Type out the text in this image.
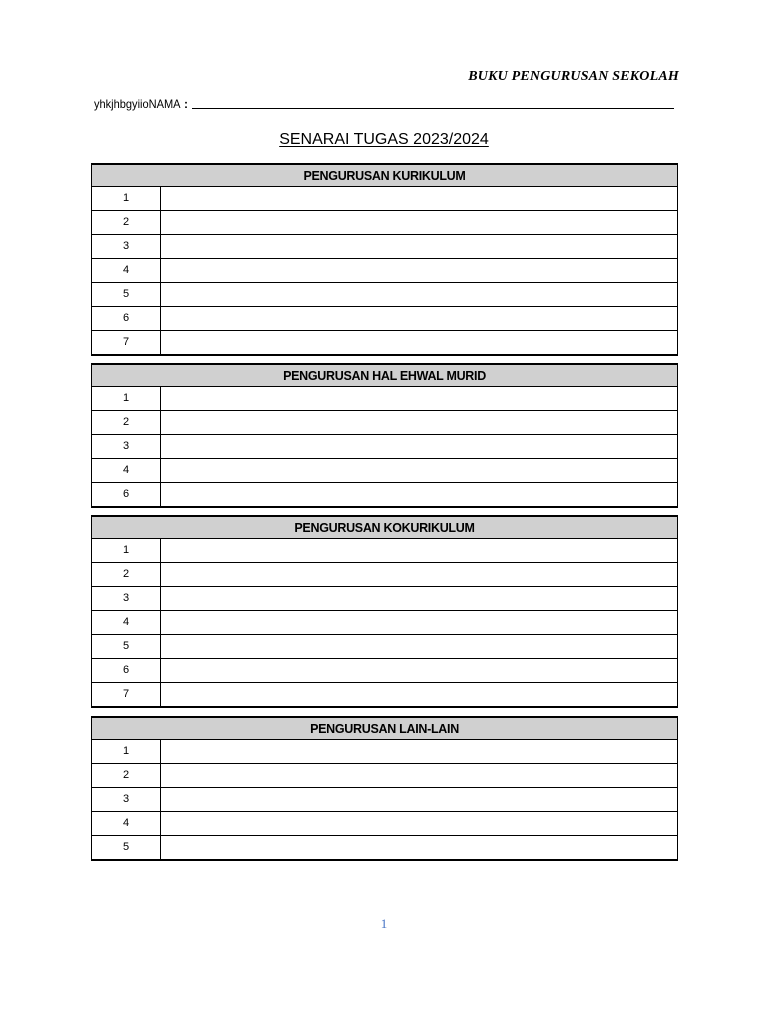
BUKU PENGURUSAN SEKOLAH
yhkjhbgyiioNAMA :
SENARAI TUGAS 2023/2024
PENGURUSAN KURIKULUM
1
2
3
4
5
6
7
PENGURUSAN HAL EHWAL MURID
1
2
3
4
6
PENGURUSAN KOKURIKULUM
1
2
3
4
5
6
7
PENGURUSAN LAIN-LAIN
1
2
3
4
5
1
